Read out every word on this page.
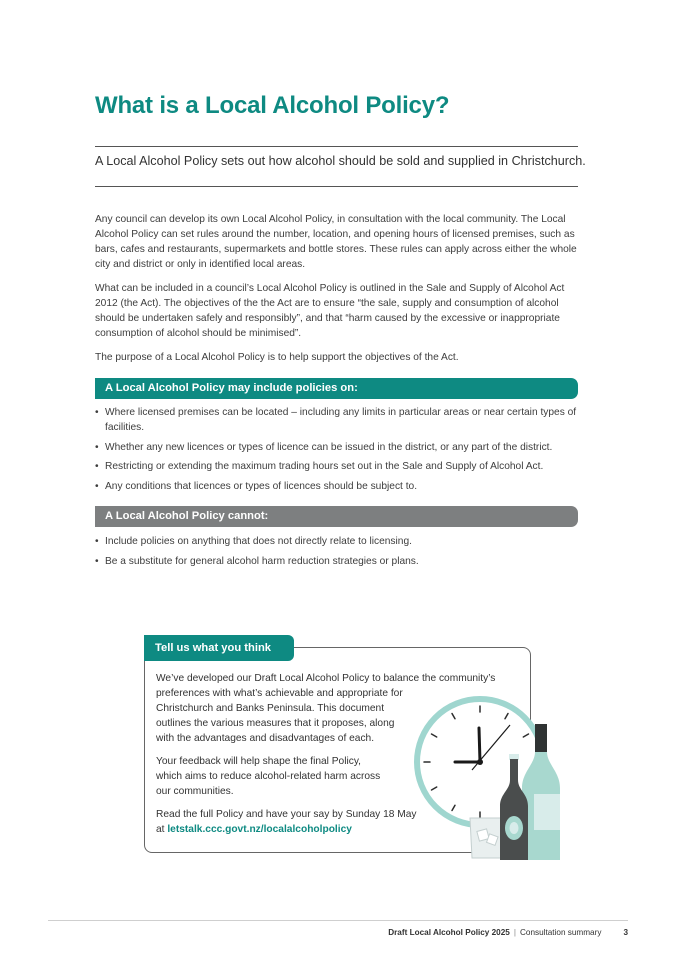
What is a Local Alcohol Policy?

A Local Alcohol Policy sets out how alcohol should be sold and supplied in Christchurch.

Any council can develop its own Local Alcohol Policy, in consultation with the local community. The Local Alcohol Policy can set rules around the number, location, and opening hours of licensed premises, such as bars, cafes and restaurants, supermarkets and bottle stores. These rules can apply across either the whole city and district or only in identified local areas.

What can be included in a council’s Local Alcohol Policy is outlined in the Sale and Supply of Alcohol Act 2012 (the Act). The objectives of the the Act are to ensure “the sale, supply and consumption of alcohol should be undertaken safely and responsibly”, and that “harm caused by the excessive or inappropriate consumption of alcohol should be minimised”.

The purpose of a Local Alcohol Policy is to help support the objectives of the Act.

A Local Alcohol Policy may include policies on:
• Where licensed premises can be located – including any limits in particular areas or near certain types of facilities.
• Whether any new licences or types of licence can be issued in the district, or any part of the district.
• Restricting or extending the maximum trading hours set out in the Sale and Supply of Alcohol Act.
• Any conditions that licences or types of licences should be subject to.
A Local Alcohol Policy cannot:
• Include policies on anything that does not directly relate to licensing.
• Be a substitute for general alcohol harm reduction strategies or plans.
Tell us what you think

We’ve developed our Draft Local Alcohol Policy to balance the community’s
preferences with what’s achievable and appropriate for
Christchurch and Banks Peninsula. This document
outlines the various measures that it proposes, along
with the advantages and disadvantages of each.

Your feedback will help shape the final Policy,
which aims to reduce alcohol-related harm across
our communities.

Read the full Policy and have your say by Sunday 18 May
at letstalk.ccc.govt.nz/localalcoholpolicy

Draft Local Alcohol Policy 2025 | Consultation summary	3
